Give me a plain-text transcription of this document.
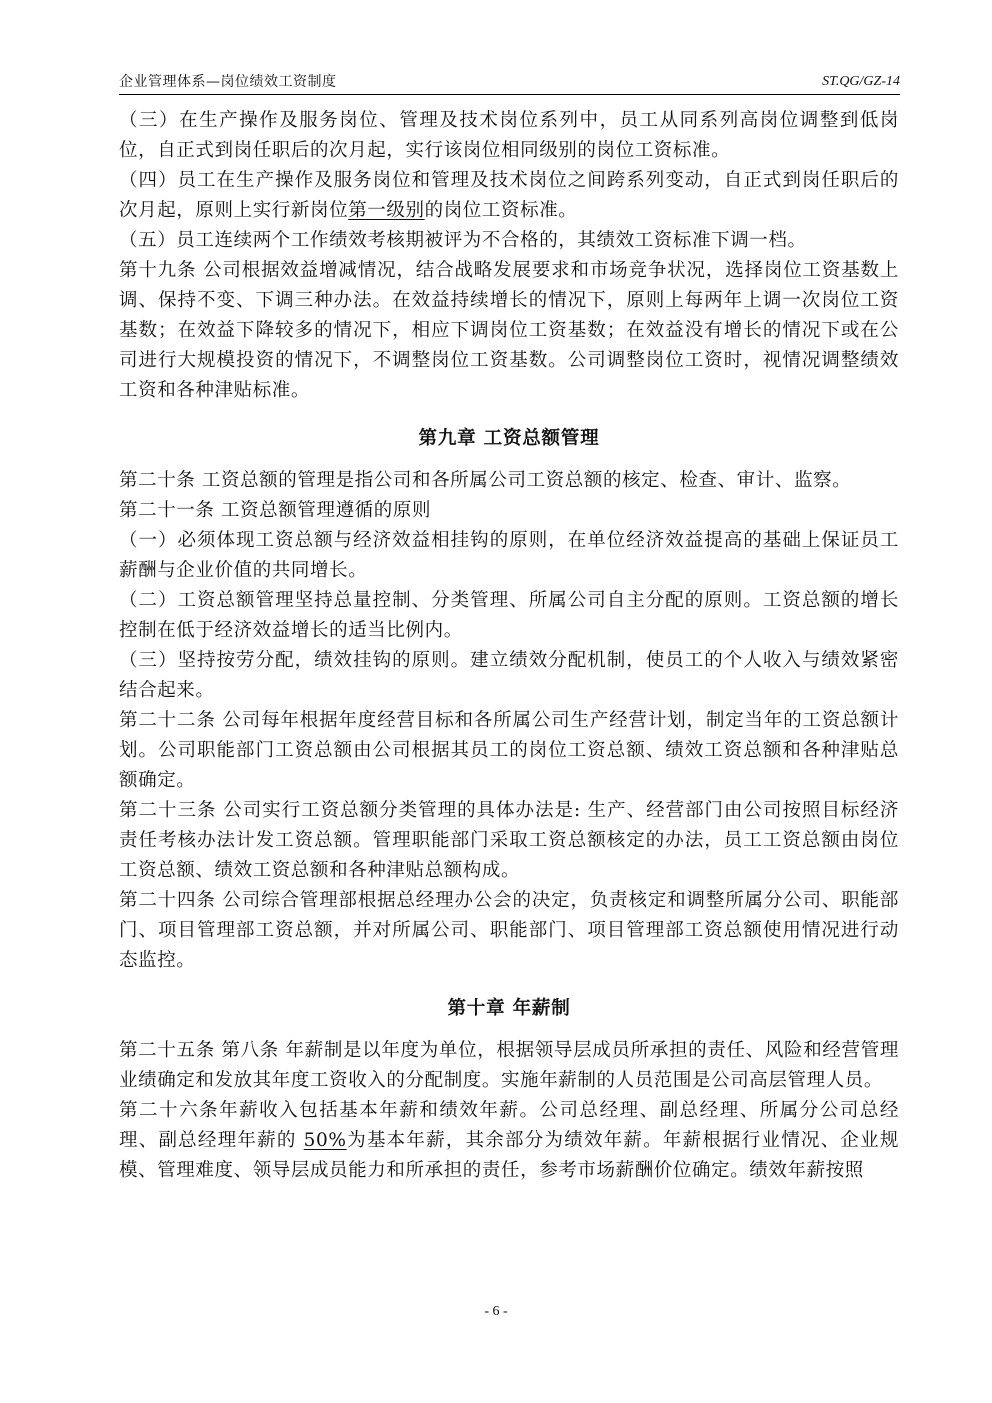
企业管理体系—岗位绩效工资制度	ST.QG/GZ-14

（三）在生产操作及服务岗位、管理及技术岗位系列中，员工从同系列高岗位调整到低岗位，自正式到岗任职后的次月起，实行该岗位相同级别的岗位工资标准。

（四）员工在生产操作及服务岗位和管理及技术岗位之间跨系列变动，自正式到岗任职后的次月起，原则上实行新岗位第一级别的岗位工资标准。

（五）员工连续两个工作绩效考核期被评为不合格的，其绩效工资标准下调一档。

第十九条 公司根据效益增减情况，结合战略发展要求和市场竞争状况，选择岗位工资基数上调、保持不变、下调三种办法。在效益持续增长的情况下，原则上每两年上调一次岗位工资基数；在效益下降较多的情况下，相应下调岗位工资基数；在效益没有增长的情况下或在公司进行大规模投资的情况下，不调整岗位工资基数。公司调整岗位工资时，视情况调整绩效工资和各种津贴标准。

第九章 工资总额管理

第二十条 工资总额的管理是指公司和各所属公司工资总额的核定、检查、审计、监察。

第二十一条 工资总额管理遵循的原则

（一）必须体现工资总额与经济效益相挂钩的原则，在单位经济效益提高的基础上保证员工薪酬与企业价值的共同增长。

（二）工资总额管理坚持总量控制、分类管理、所属公司自主分配的原则。工资总额的增长控制在低于经济效益增长的适当比例内。

（三）坚持按劳分配，绩效挂钩的原则。建立绩效分配机制，使员工的个人收入与绩效紧密结合起来。

第二十二条 公司每年根据年度经营目标和各所属公司生产经营计划，制定当年的工资总额计划。公司职能部门工资总额由公司根据其员工的岗位工资总额、绩效工资总额和各种津贴总额确定。

第二十三条 公司实行工资总额分类管理的具体办法是: 生产、经营部门由公司按照目标经济责任考核办法计发工资总额。管理职能部门采取工资总额核定的办法，员工工资总额由岗位工资总额、绩效工资总额和各种津贴总额构成。

第二十四条 公司综合管理部根据总经理办公会的决定，负责核定和调整所属分公司、职能部门、项目管理部工资总额，并对所属公司、职能部门、项目管理部工资总额使用情况进行动态监控。

第十章 年薪制

第二十五条 第八条 年薪制是以年度为单位，根据领导层成员所承担的责任、风险和经营管理业绩确定和发放其年度工资收入的分配制度。实施年薪制的人员范围是公司高层管理人员。

第二十六条年薪收入包括基本年薪和绩效年薪。公司总经理、副总经理、所属分公司总经理、副总经理年薪的 50%为基本年薪，其余部分为绩效年薪。年薪根据行业情况、企业规模、管理难度、领导层成员能力和所承担的责任，参考市场薪酬价位确定。绩效年薪按照

- 6 -
